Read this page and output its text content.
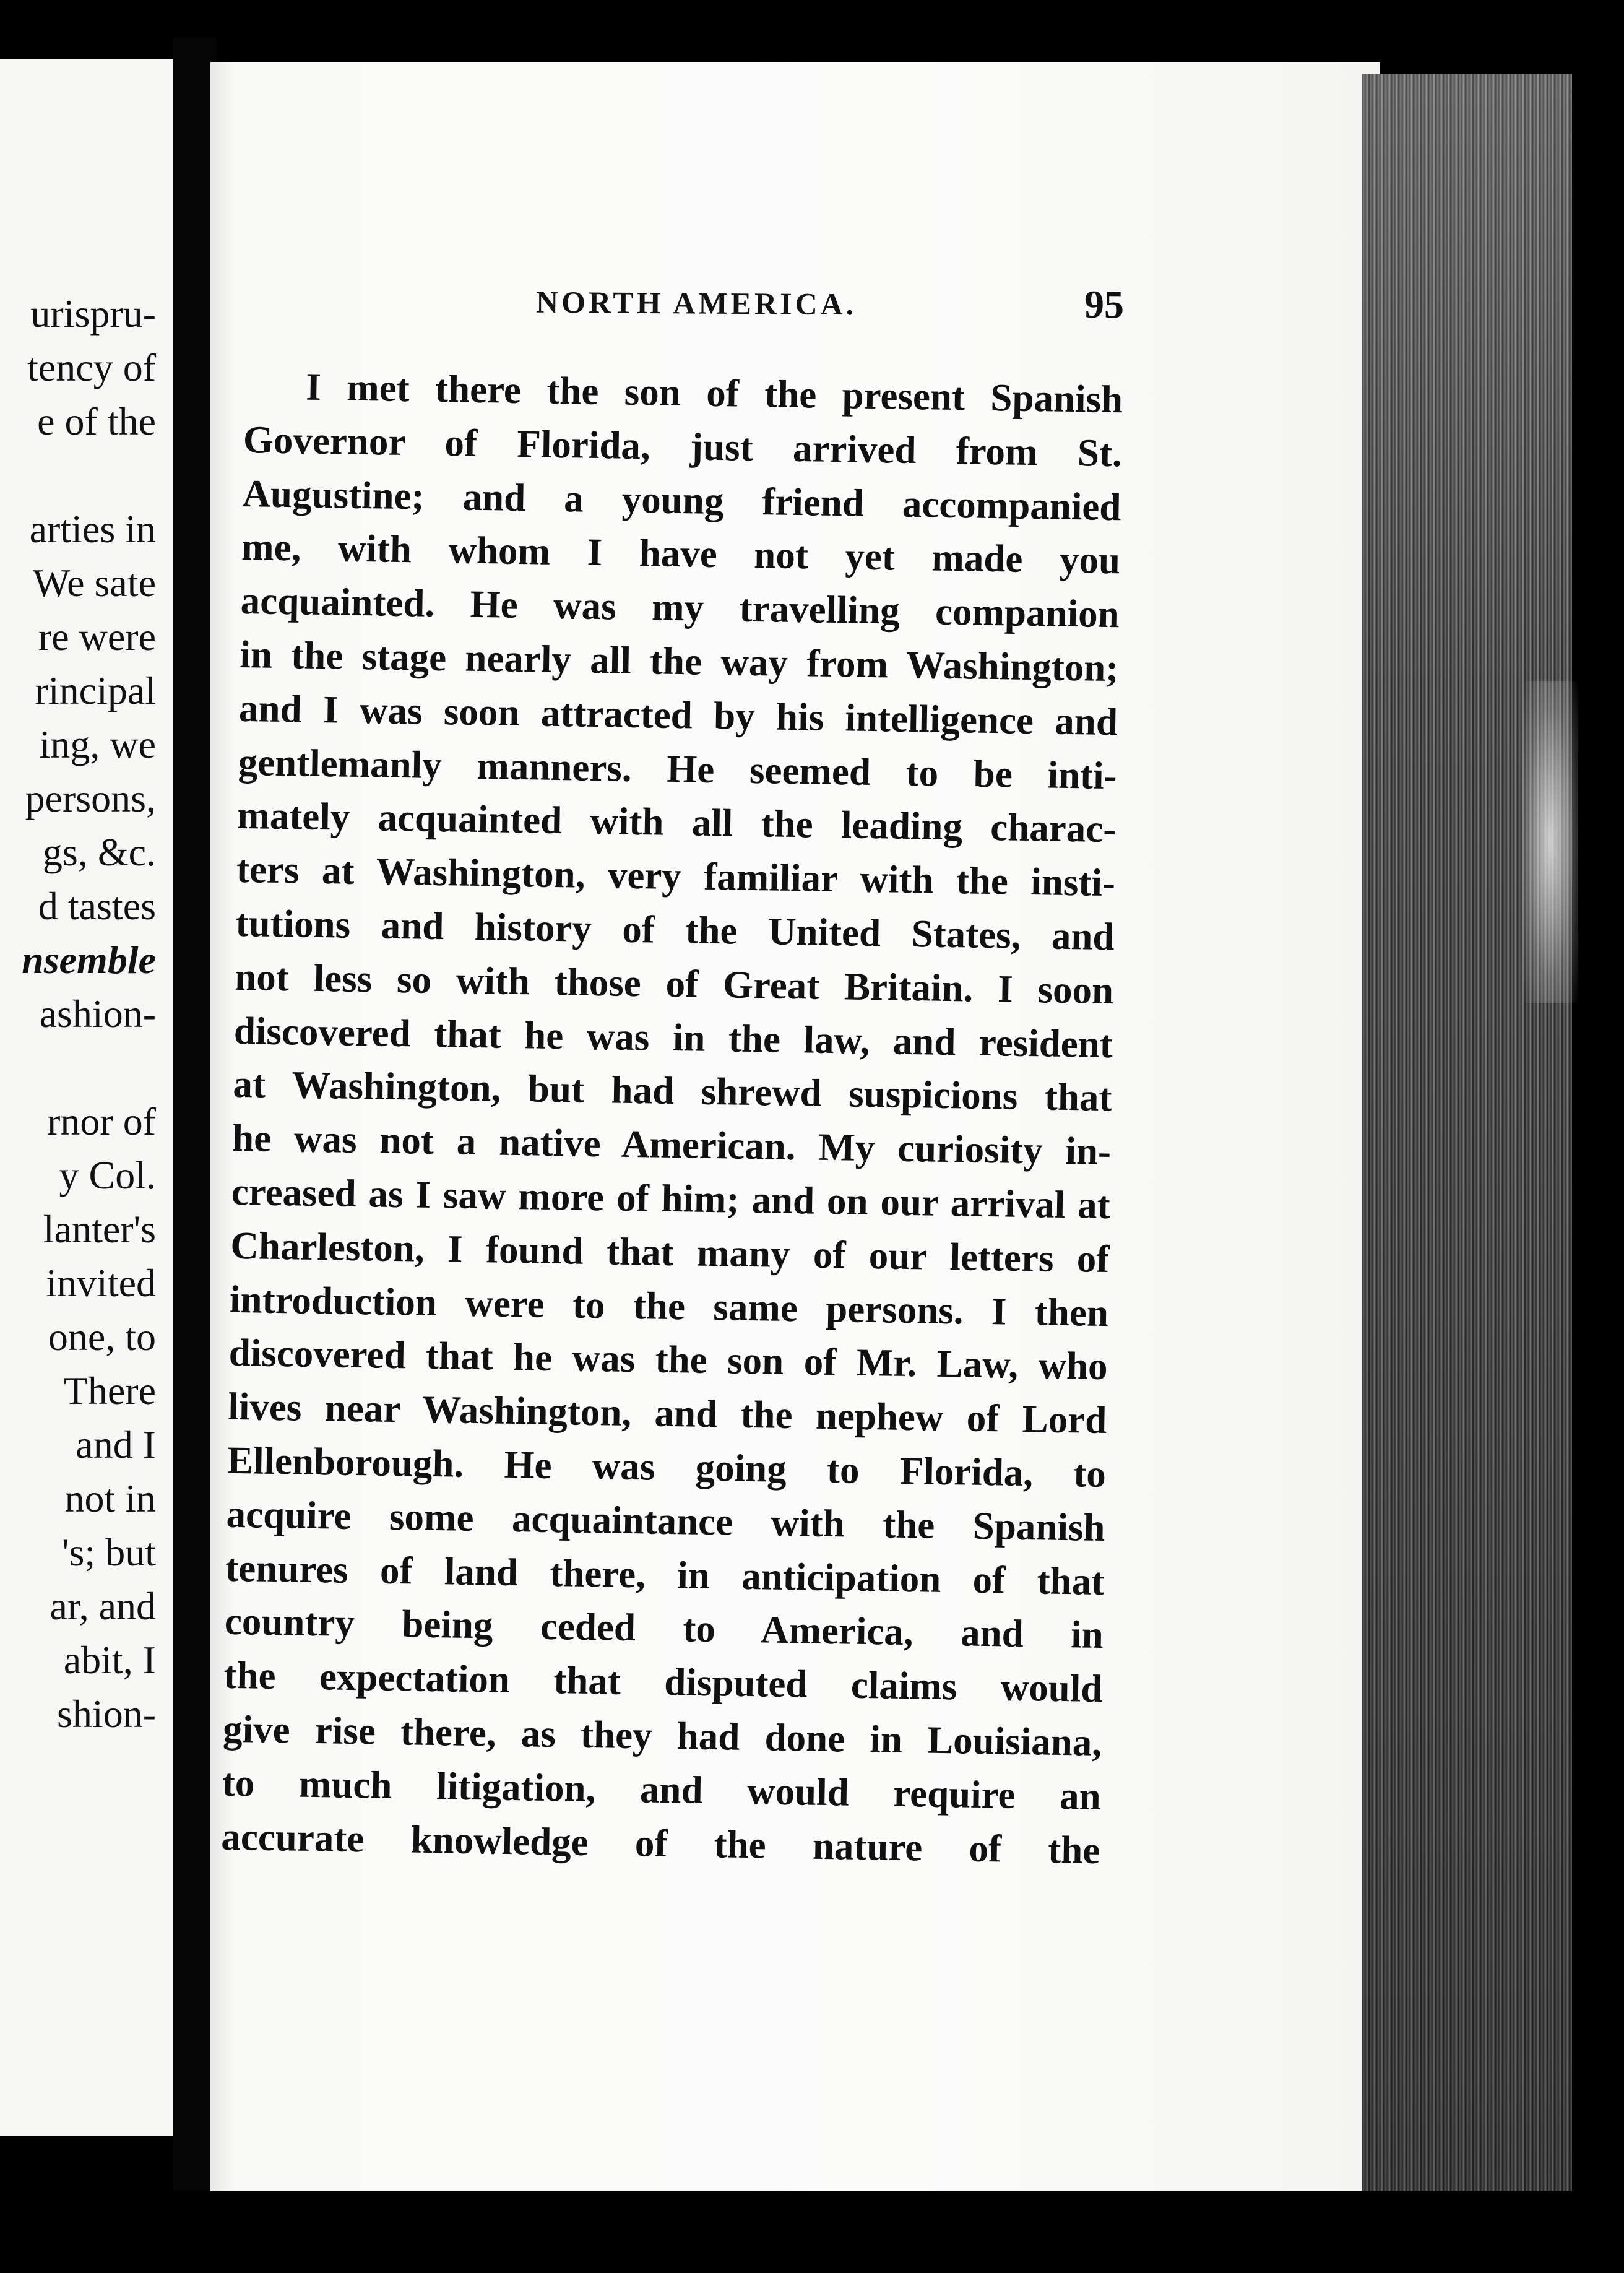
urispru-
tency of
e of the
arties in
We sate
re were
rincipal
ing, we
persons,
gs, &c.
d tastes
nsemble
ashion-
rnor of
y Col.
lanter's
invited
one, to
There
and I
not in
's; but
ar, and
abit, I
shion-
NORTH AMERICA.	95
I met there the son of the present Spanish
Governor of Florida, just arrived from St.
Augustine; and a young friend accompanied
me, with whom I have not yet made you
acquainted. He was my travelling companion
in the stage nearly all the way from Washington;
and I was soon attracted by his intelligence and
gentlemanly manners. He seemed to be inti-
mately acquainted with all the leading charac-
ters at Washington, very familiar with the insti-
tutions and history of the United States, and
not less so with those of Great Britain. I soon
discovered that he was in the law, and resident
at Washington, but had shrewd suspicions that
he was not a native American. My curiosity in-
creased as I saw more of him; and on our arrival at
Charleston, I found that many of our letters of
introduction were to the same persons. I then
discovered that he was the son of Mr. Law, who
lives near Washington, and the nephew of Lord
Ellenborough. He was going to Florida, to
acquire some acquaintance with the Spanish
tenures of land there, in anticipation of that
country being ceded to America, and in
the expectation that disputed claims would
give rise there, as they had done in Louisiana,
to much litigation, and would require an
accurate knowledge of the nature of the
